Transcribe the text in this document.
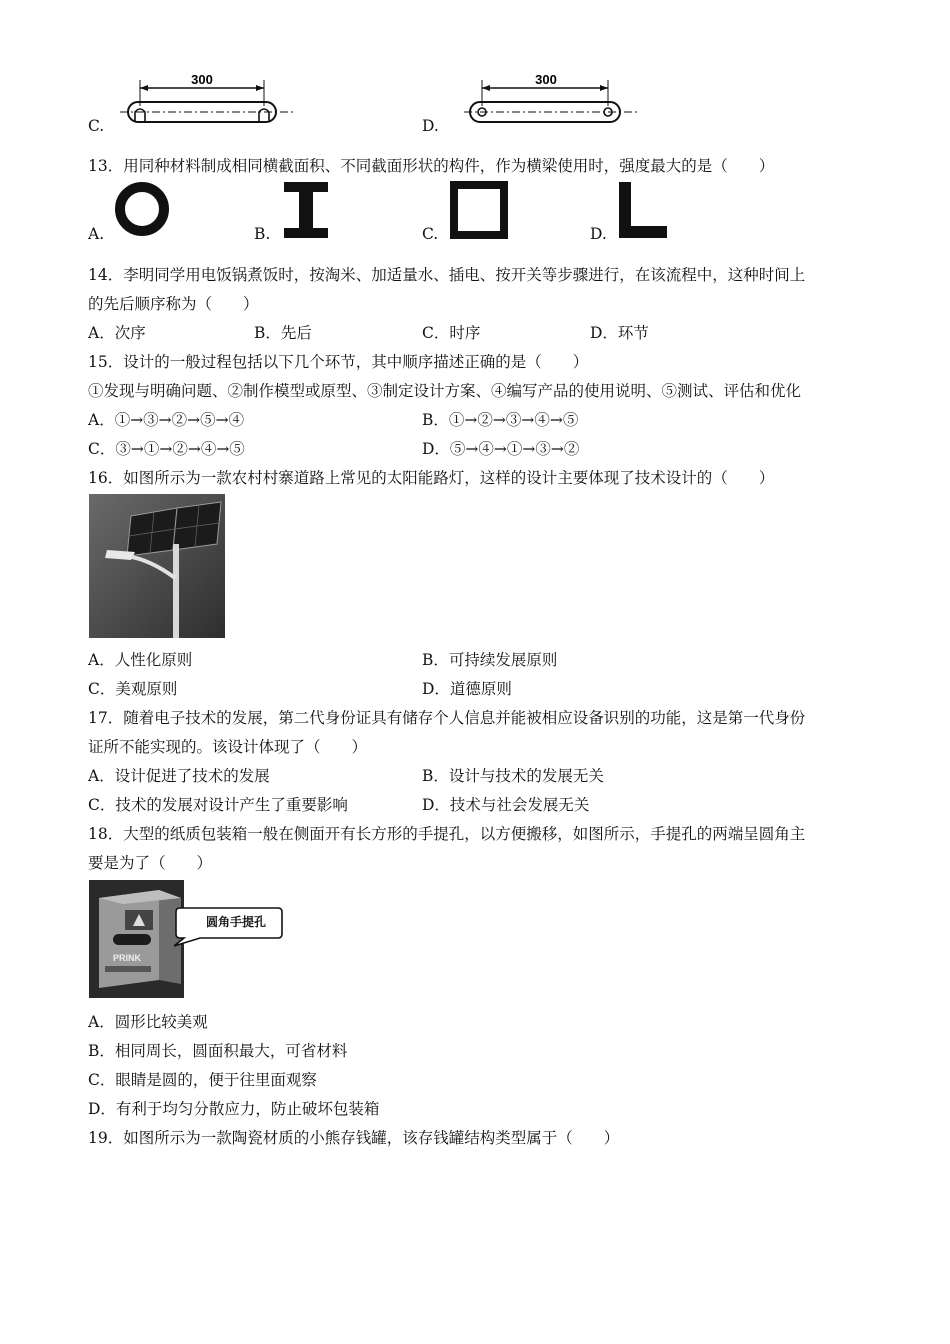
C.
300
D.
300
13．用同种材料制成相同横截面积、不同截面形状的构件，作为横梁使用时，强度最大的是（　　）
A.	B.	C.	D.
14．李明同学用电饭锅煮饭时，按淘米、加适量水、插电、按开关等步骤进行，在该流程中，这种时间上
的先后顺序称为（　　）
A．次序	B．先后	C．时序	D．环节
15．设计的一般过程包括以下几个环节，其中顺序描述正确的是（　　）
①发现与明确问题、②制作模型或原型、③制定设计方案、④编写产品的使用说明、⑤测试、评估和优化
A．①→③→②→⑤→④	B．①→②→③→④→⑤
C．③→①→②→④→⑤	D．⑤→④→①→③→②
16．如图所示为一款农村村寨道路上常见的太阳能路灯，这样的设计主要体现了技术设计的（　　）
A．人性化原则	B．可持续发展原则
C．美观原则	D．道德原则
17．随着电子技术的发展，第二代身份证具有储存个人信息并能被相应设备识别的功能，这是第一代身份
证所不能实现的。该设计体现了（　　）
A．设计促进了技术的发展	B．设计与技术的发展无关
C．技术的发展对设计产生了重要影响	D．技术与社会发展无关
18．大型的纸质包装箱一般在侧面开有长方形的手提孔，以方便搬移，如图所示，手提孔的两端呈圆角主
要是为了（　　）
PRINK
圆角手提孔
A．圆形比较美观
B．相同周长，圆面积最大，可省材料
C．眼睛是圆的，便于往里面观察
D．有利于均匀分散应力，防止破坏包装箱
19．如图所示为一款陶瓷材质的小熊存钱罐，该存钱罐结构类型属于（　　）
